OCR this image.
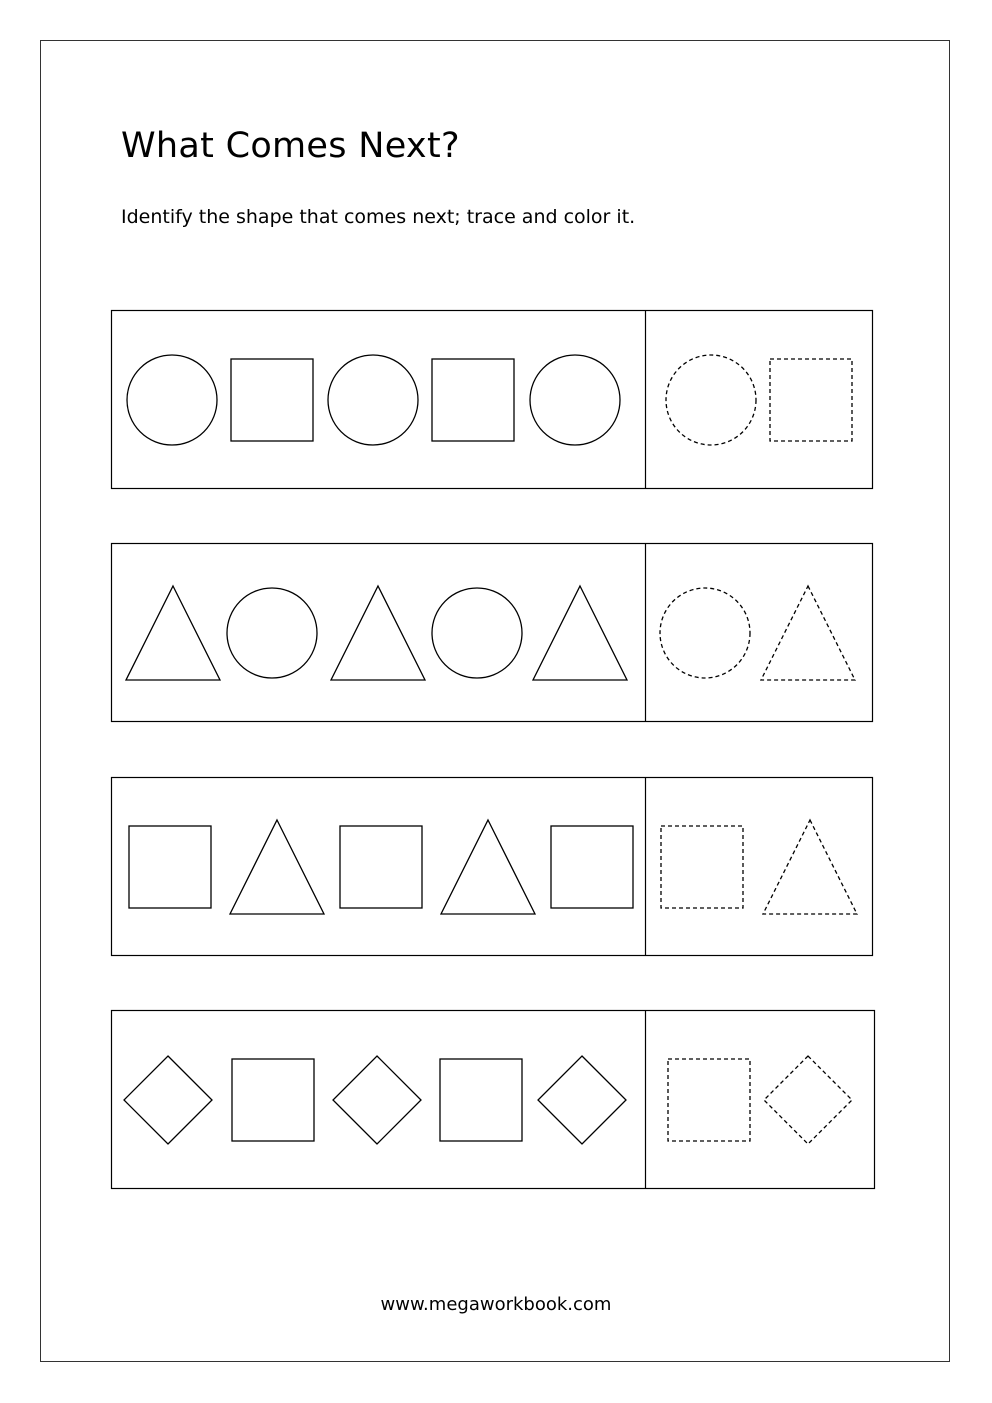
What Comes Next?
Identify the shape that comes next; trace and color it.
www.megaworkbook.com
